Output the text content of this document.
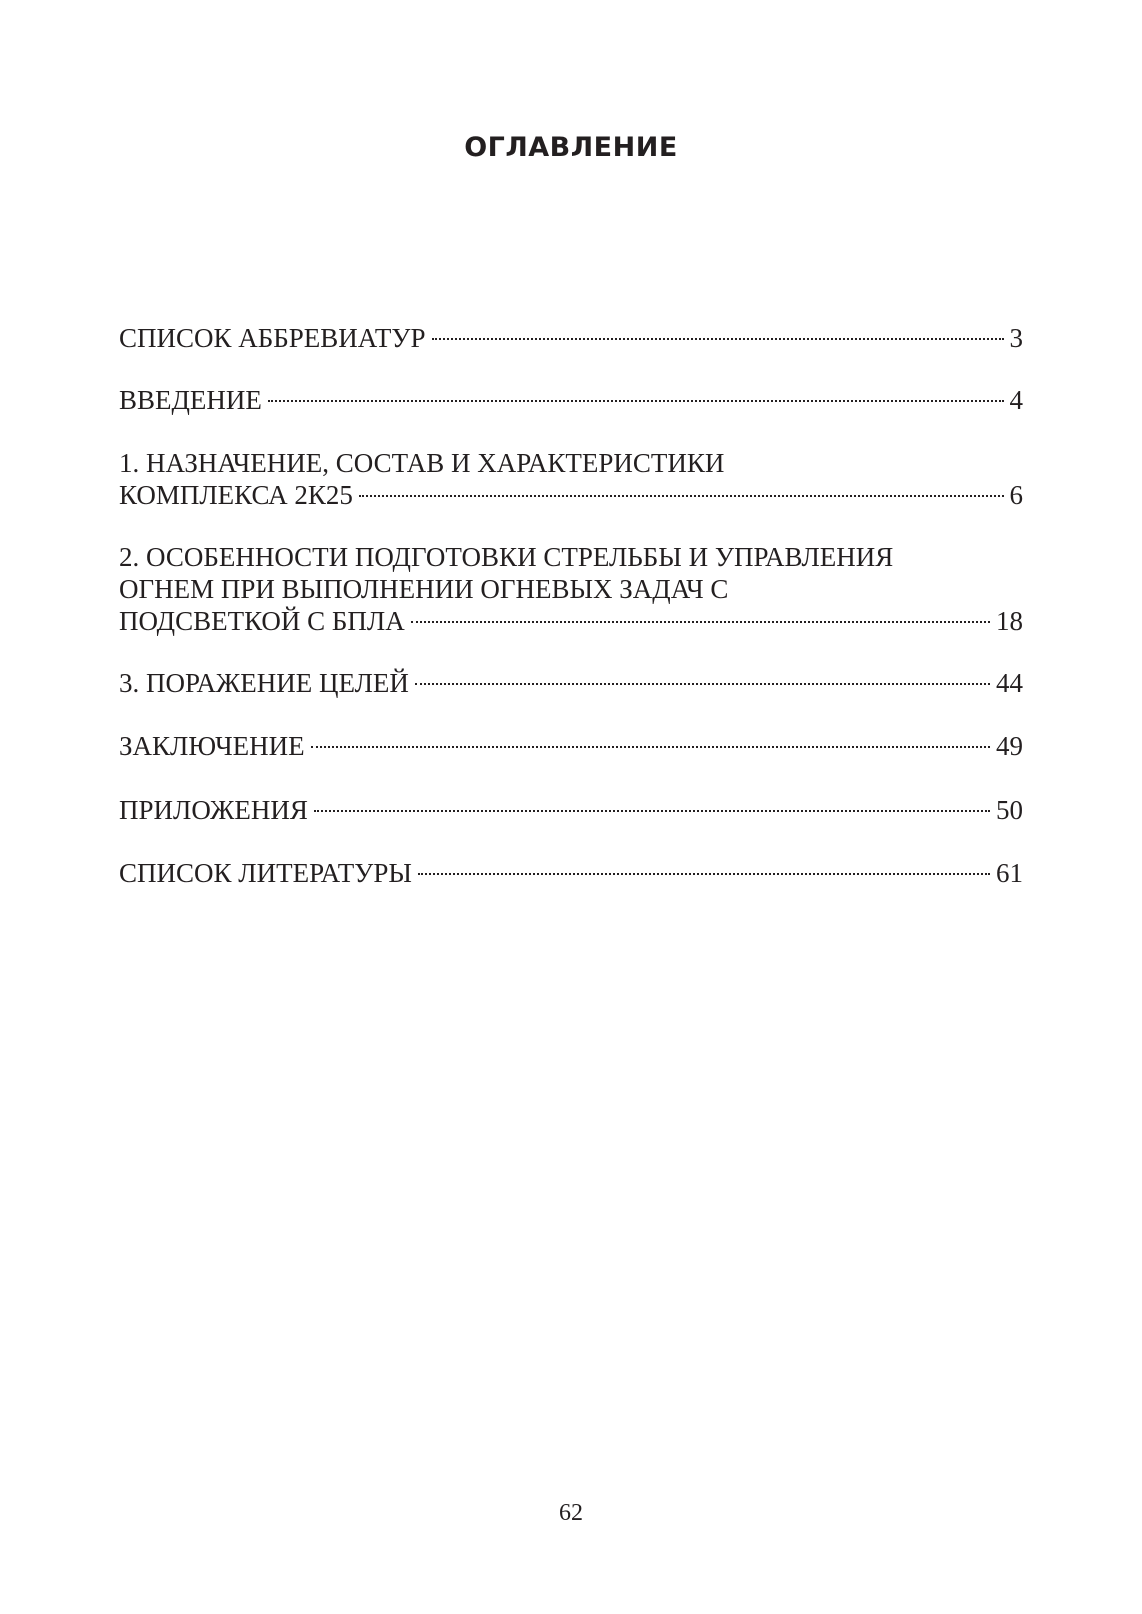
ОГЛАВЛЕНИЕ
СПИСОК АББРЕВИАТУР	3
ВВЕДЕНИЕ	4
1. НАЗНАЧЕНИЕ, СОСТАВ И ХАРАКТЕРИСТИКИ
КОМПЛЕКСА 2К25	6
2. ОСОБЕННОСТИ ПОДГОТОВКИ СТРЕЛЬБЫ И УПРАВЛЕНИЯ
ОГНЕМ ПРИ ВЫПОЛНЕНИИ ОГНЕВЫХ ЗАДАЧ С
ПОДСВЕТКОЙ С БПЛА	18
3. ПОРАЖЕНИЕ ЦЕЛЕЙ	44
ЗАКЛЮЧЕНИЕ	49
ПРИЛОЖЕНИЯ	50
СПИСОК ЛИТЕРАТУРЫ	61
62
